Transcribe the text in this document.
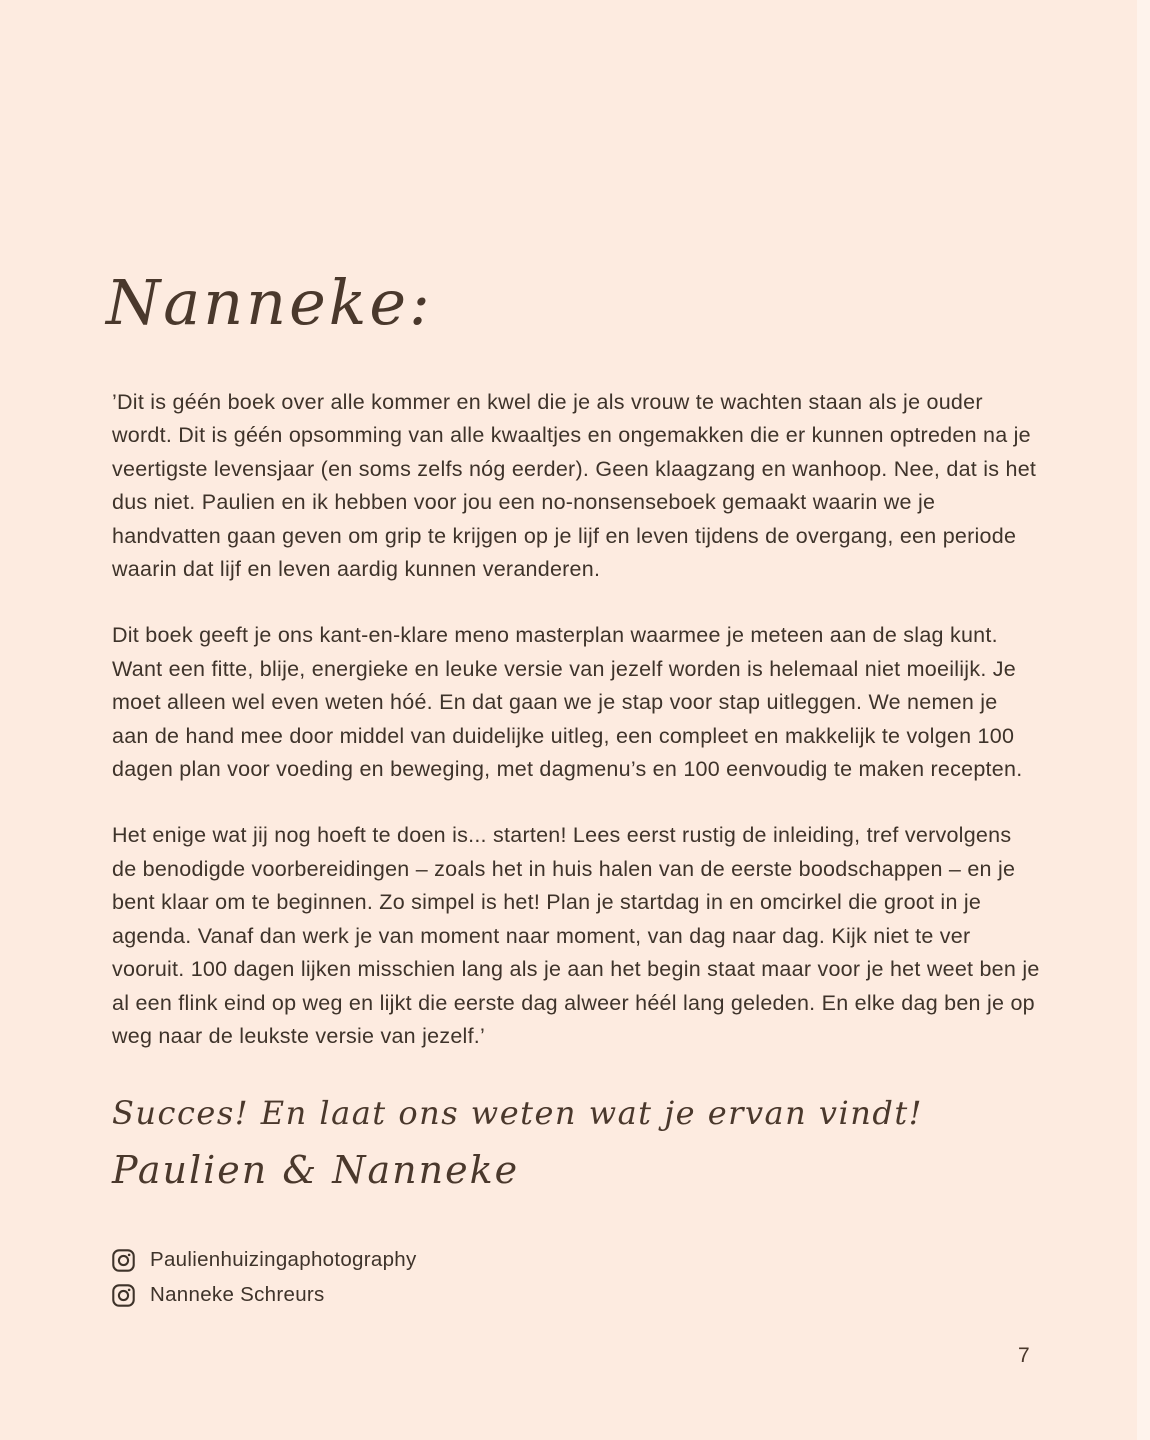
Nanneke:

’Dit is géén boek over alle kommer en kwel die je als vrouw te wachten staan als je ouder wordt. Dit is géén opsomming van alle kwaaltjes en ongemakken die er kunnen optreden na je veertigste levensjaar (en soms zelfs nóg eerder). Geen klaagzang en wanhoop. Nee, dat is het dus niet. Paulien en ik hebben voor jou een no-nonsenseboek gemaakt waarin we je handvatten gaan geven om grip te krijgen op je lijf en leven tijdens de overgang, een periode waarin dat lijf en leven aardig kunnen veranderen.

Dit boek geeft je ons kant-en-klare meno masterplan waarmee je meteen aan de slag kunt. Want een fitte, blije, energieke en leuke versie van jezelf worden is helemaal niet moeilijk. Je moet alleen wel even weten hóé. En dat gaan we je stap voor stap uitleggen. We nemen je aan de hand mee door middel van duidelijke uitleg, een compleet en makkelijk te volgen 100 dagen plan voor voeding en beweging, met dagmenu’s en 100 eenvoudig te maken recepten.

Het enige wat jij nog hoeft te doen is... starten! Lees eerst rustig de inleiding, tref vervolgens de benodigde voorbereidingen – zoals het in huis halen van de eerste boodschappen – en je bent klaar om te beginnen. Zo simpel is het! Plan je startdag in en omcirkel die groot in je agenda. Vanaf dan werk je van moment naar moment, van dag naar dag. Kijk niet te ver vooruit. 100 dagen lijken misschien lang als je aan het begin staat maar voor je het weet ben je al een flink eind op weg en lijkt die eerste dag alweer héél lang geleden. En elke dag ben je op weg naar de leukste versie van jezelf.’

Succes! En laat ons weten wat je ervan vindt!
Paulien & Nanneke
Paulienhuizingaphotography
Nanneke Schreurs
7
